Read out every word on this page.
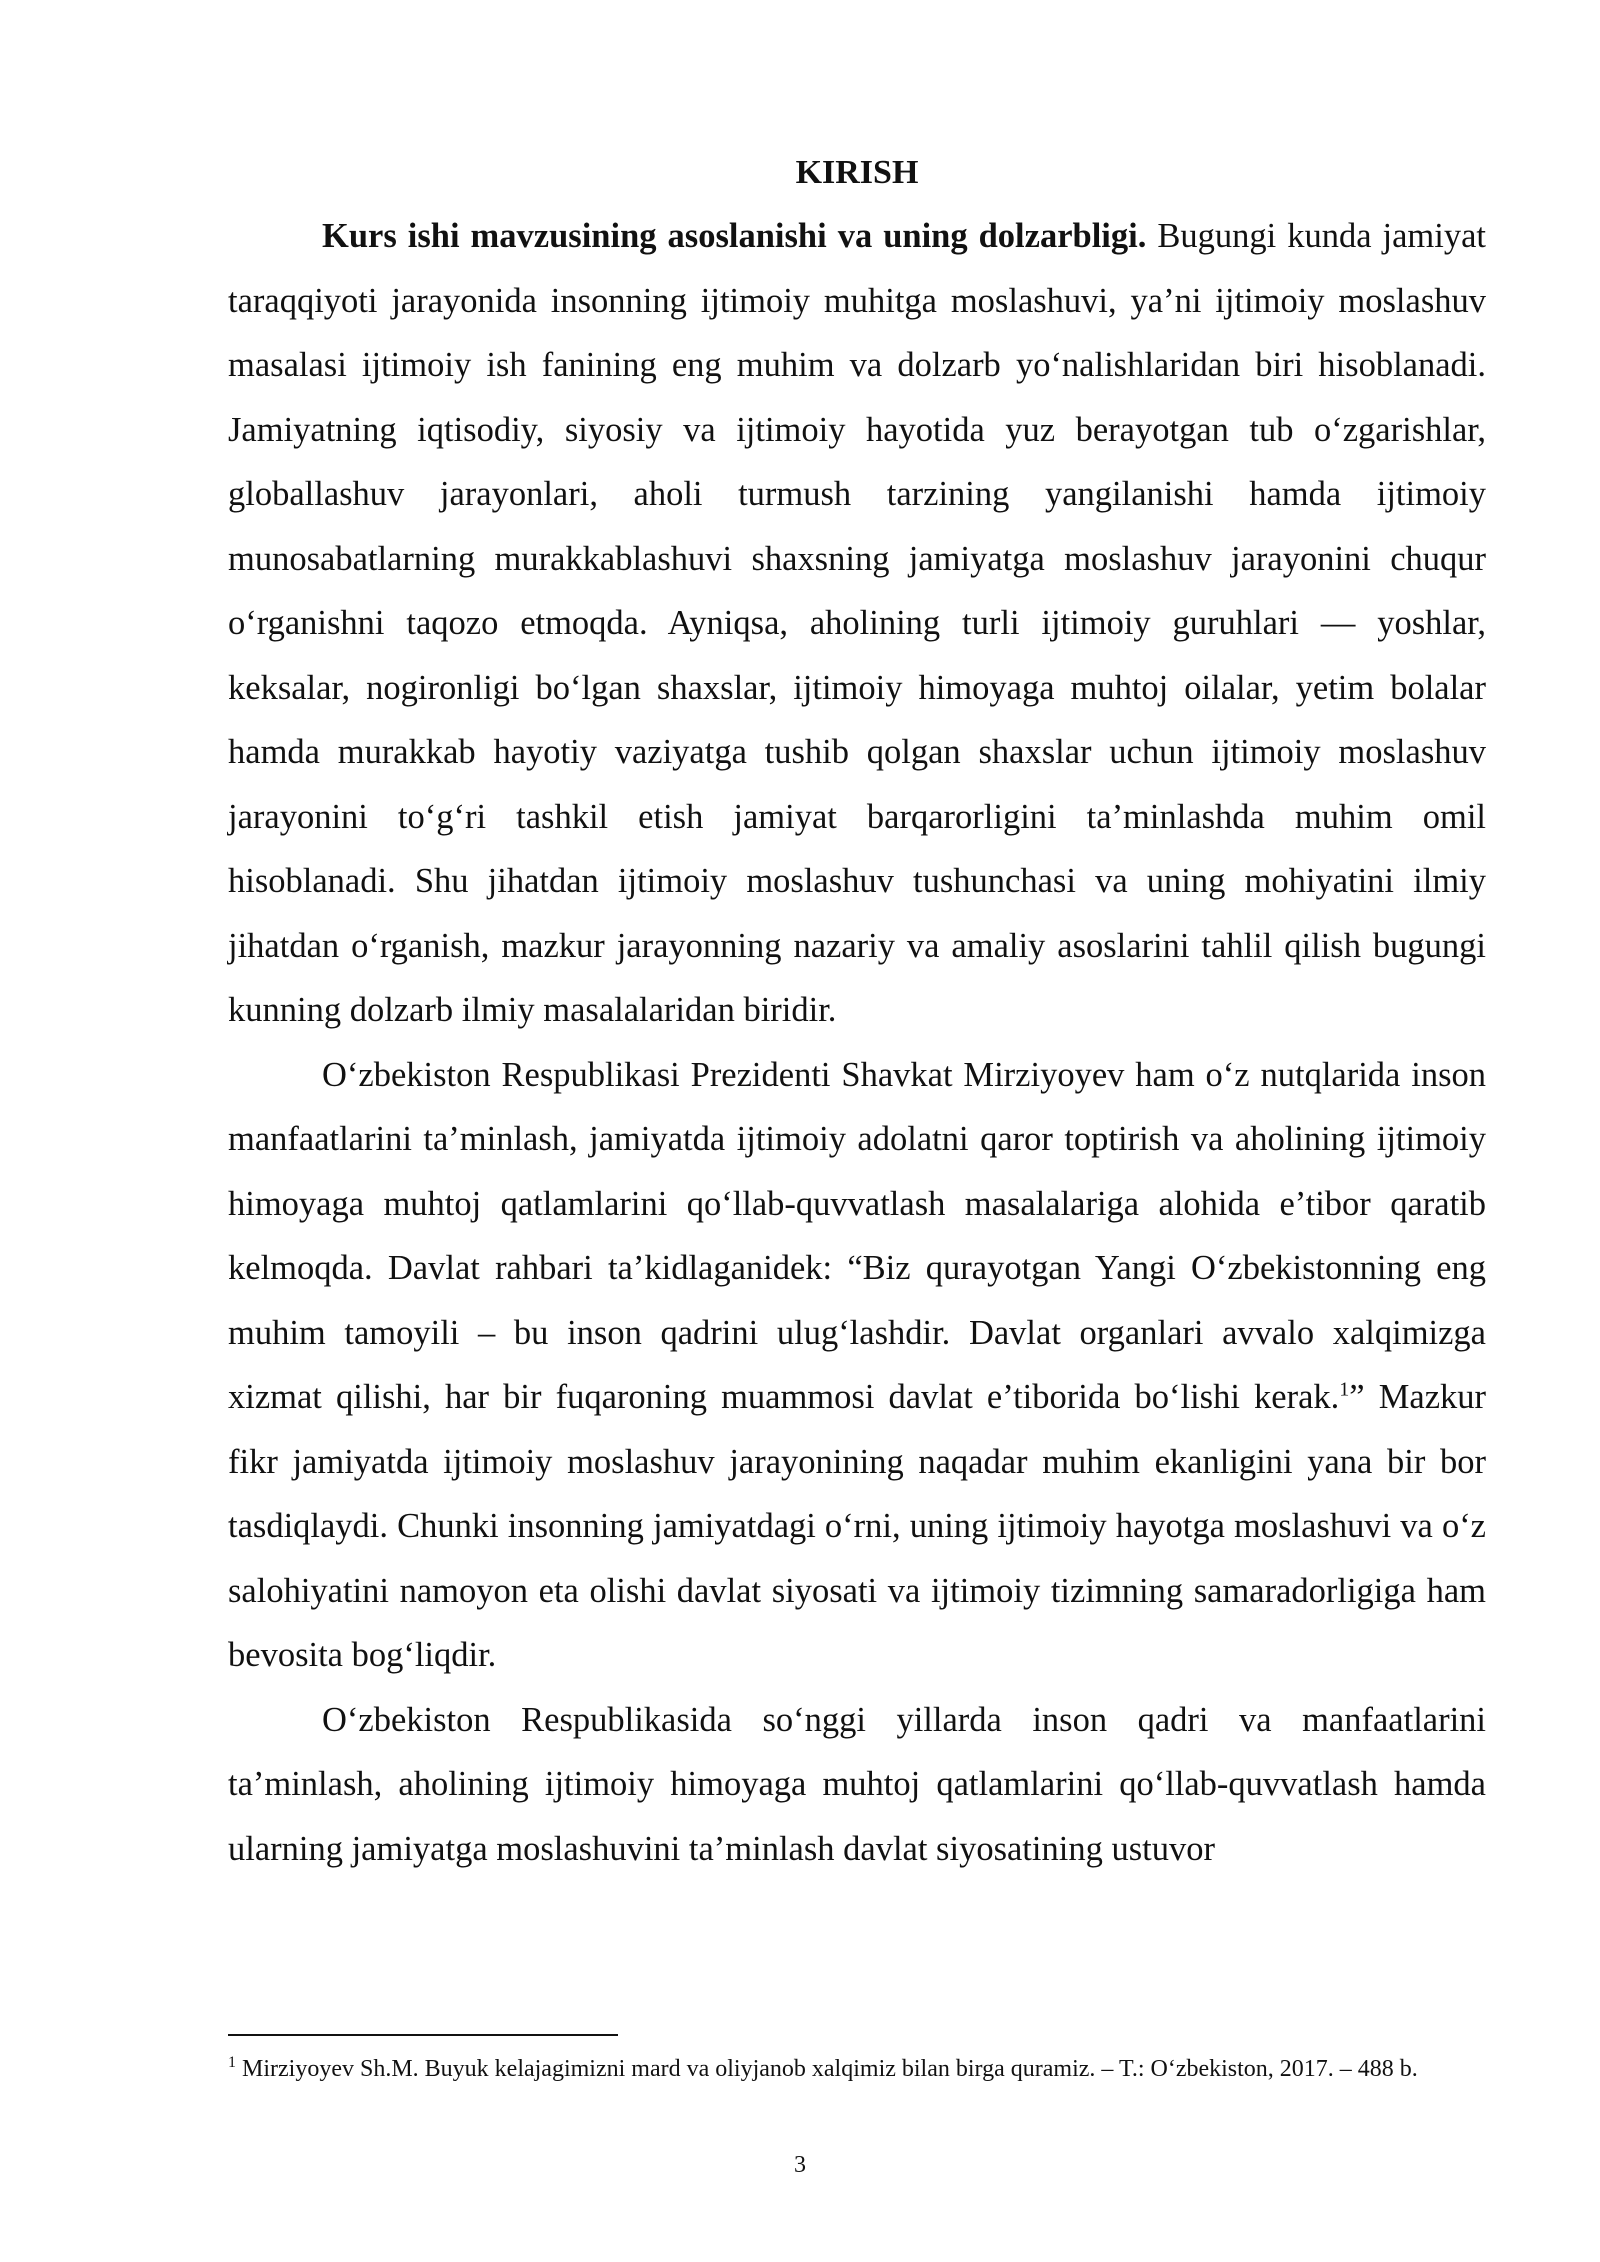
KIRISH

Kurs ishi mavzusining asoslanishi va uning dolzarbligi. Bugungi kunda jamiyat taraqqiyoti jarayonida insonning ijtimoiy muhitga moslashuvi, ya’ni ijtimoiy moslashuv masalasi ijtimoiy ish fanining eng muhim va dolzarb yo‘nalishlaridan biri hisoblanadi. Jamiyatning iqtisodiy, siyosiy va ijtimoiy hayotida yuz berayotgan tub o‘zgarishlar, globallashuv jarayonlari, aholi turmush tarzining yangilanishi hamda ijtimoiy munosabatlarning murakkablashuvi shaxsning jamiyatga moslashuv jarayonini chuqur o‘rganishni taqozo etmoqda. Ayniqsa, aholining turli ijtimoiy guruhlari — yoshlar, keksalar, nogironligi bo‘lgan shaxslar, ijtimoiy himoyaga muhtoj oilalar, yetim bolalar hamda murakkab hayotiy vaziyatga tushib qolgan shaxslar uchun ijtimoiy moslashuv jarayonini to‘g‘ri tashkil etish jamiyat barqarorligini ta’minlashda muhim omil hisoblanadi. Shu jihatdan ijtimoiy moslashuv tushunchasi va uning mohiyatini ilmiy jihatdan o‘rganish, mazkur jarayonning nazariy va amaliy asoslarini tahlil qilish bugungi kunning dolzarb ilmiy masalalaridan biridir.

O‘zbekiston Respublikasi Prezidenti Shavkat Mirziyoyev ham o‘z nutqlarida inson manfaatlarini ta’minlash, jamiyatda ijtimoiy adolatni qaror toptirish va aholining ijtimoiy himoyaga muhtoj qatlamlarini qo‘llab-quvvatlash masalalariga alohida e’tibor qaratib kelmoqda. Davlat rahbari ta’kidlaganidek: “Biz qurayotgan Yangi O‘zbekistonning eng muhim tamoyili – bu inson qadrini ulug‘lashdir. Davlat organlari avvalo xalqimizga xizmat qilishi, har bir fuqaroning muammosi davlat e’tiborida bo‘lishi kerak.$^1$” Mazkur fikr jamiyatda ijtimoiy moslashuv jarayonining naqadar muhim ekanligini yana bir bor tasdiqlaydi. Chunki insonning jamiyatdagi o‘rni, uning ijtimoiy hayotga moslashuvi va o‘z salohiyatini namoyon eta olishi davlat siyosati va ijtimoiy tizimning samaradorligiga ham bevosita bog‘liqdir.

O‘zbekiston Respublikasida so‘nggi yillarda inson qadri va manfaatlarini ta’minlash, aholining ijtimoiy himoyaga muhtoj qatlamlarini qo‘llab-quvvatlash hamda ularning jamiyatga moslashuvini ta’minlash davlat siyosatining ustuvor

$^1$ Mirziyoyev Sh.M. Buyuk kelajagimizni mard va oliyjanob xalqimiz bilan birga quramiz. – T.: O‘zbekiston, 2017. – 488 b.

3
